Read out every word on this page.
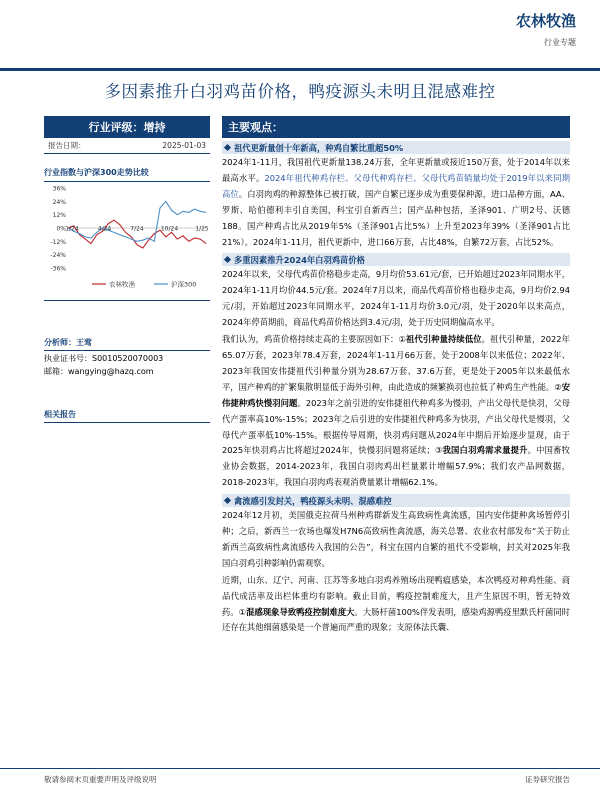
农林牧渔
行业专题
多因素推升白羽鸡苗价格，鸭疫源头未明且混感难控
行业评级：增持
报告日期：	2025-01-03
行业指数与沪深300走势比较
36%
24%
12%
0%
-12%
-24%
-36%
1/24	4/24	7/24	10/24	1/25
农林牧渔	沪深300
分析师：王莺
执业证书号：S0010520070003
邮箱：wangying@hazq.com
相关报告
主要观点：
祖代更新量创十年新高，种鸡自繁比重超50%
2024年1-11月，我国祖代更新量138.24万套，全年更新量或接近150万套，处于2014年以来最高水平。2024年祖代种鸡存栏、父母代种鸡存栏、父母代鸡苗销量均处于2019年以来同期高位。白羽肉鸡的种源整体已被打破，国产自繁已逐步成为重要保种源，进口品种方面，AA、罗斯、哈伯德利丰引自美国，科宝引自新西兰；国产品种包括，圣泽901、广明2号、沃德188。国产种鸡占比从2019年5%（圣泽901占比5%）上升至2023年39%（圣泽901占比21%）。2024年1-11月，祖代更新中，进口66万套，占比48%，自繁72万套，占比52%。
多重因素推升2024年白羽鸡苗价格
2024年以来，父母代鸡苗价格稳步走高，9月均价53.61元/套，已开始超过2023年同期水平，2024年1-11月均价44.5元/套。2024年7月以来，商品代鸡苗价格也稳步走高，9月均价2.94元/羽，开始超过2023年同期水平，2024年1-11月均价3.0元/羽，处于2020年以来高点，2024年停苗期前，商品代鸡苗价格达到3.4元/羽，处于历史同期偏高水平。
我们认为，鸡苗价格持续走高的主要原因如下：①祖代引种量持续低位。祖代引种量，2022年65.07万套，2023年78.4万套，2024年1-11月66万套，处于2008年以来低位；2022年、2023年我国安伟捷祖代引种量分别为28.67万套、37.6万套，更是处于2005年以来最低水平，国产种鸡的扩繁集散明显低于海外引种，由此造成的频繁换羽也拉低了种鸡生产性能。②安伟捷种鸡快慢羽问题。2023年之前引进的安伟捷祖代种鸡多为慢羽，产出父母代是快羽，父母代产蛋率高10%-15%；2023年之后引进的安伟捷祖代种鸡多为快羽，产出父母代是慢羽，父母代产蛋率低10%-15%。根据传导周期，快羽鸡问题从2024年中期后开始逐步显现，由于2025年快羽鸡占比将超过2024年，快慢羽问题将延续；③我国白羽鸡需求量提升。中国畜牧业协会数据，2014-2023年，我国白羽肉鸡出栏量累计增幅57.9%；我们农产品网数据，2018-2023年，我国白羽肉鸡表观消费量累计增幅62.1%。
禽流感引发封关，鸭疫源头未明、混感难控
2024年12月初，美国俄克拉荷马州种鸡群新发生高致病性禽流感，国内安伟捷种禽场暂停引种；之后，新西兰一农场也爆发H7N6高致病性禽流感，海关总署、农业农村部发布“关于防止新西兰高致病性禽流感传入我国的公告”，科宝在国内自繁的祖代不受影响，封关对2025年我国白羽鸡引种影响仍需观察。
近期，山东、辽宁、河南、江苏等多地白羽鸡养殖场出现鸭瘟感染，本次鸭疫对种鸡性能、商品代成活率及出栏体重均有影响。截止目前，鸭疫控制难度大，且产生原因不明，暂无特效药。①混感现象导致鸭疫控制难度大。大肠杆菌100%伴发表明，感染鸡源鸭疫里默氏杆菌同时还存在其他细菌感染是一个普遍而严重的现象；支原体法氏囊、
敬请参阅末页重要声明及评级说明	证券研究报告
